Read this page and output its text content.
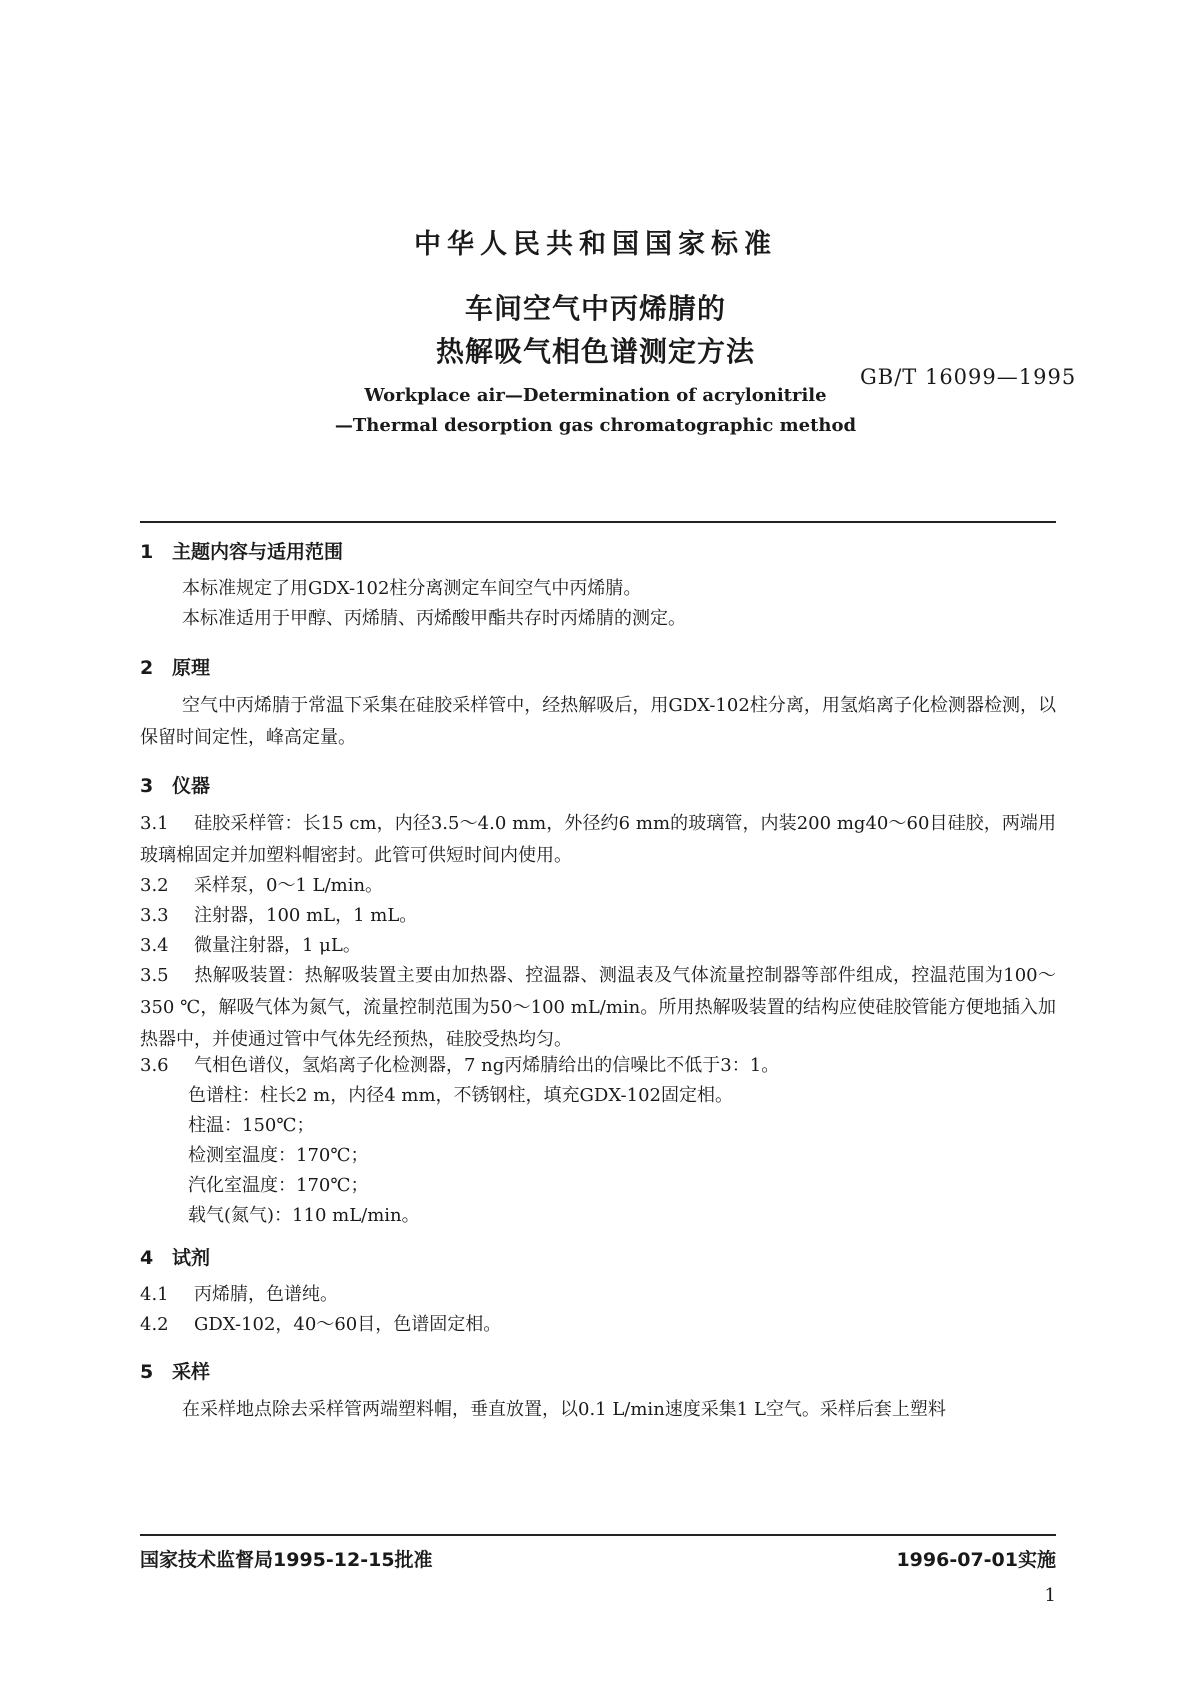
中华人民共和国国家标准
车间空气中丙烯腈的
热解吸气相色谱测定方法
GB/T 16099—1995
Workplace air—Determination of acrylonitrile
—Thermal desorption gas chromatographic method
1 主题内容与适用范围
本标准规定了用GDX-102柱分离测定车间空气中丙烯腈。
本标准适用于甲醇、丙烯腈、丙烯酸甲酯共存时丙烯腈的测定。
2 原理
空气中丙烯腈于常温下采集在硅胶采样管中，经热解吸后，用GDX-102柱分离，用氢焰离子化检测器检测，以保留时间定性，峰高定量。
3 仪器
3.1 硅胶采样管：长15 cm，内径3.5～4.0 mm，外径约6 mm的玻璃管，内装200 mg40～60目硅胶，两端用玻璃棉固定并加塑料帽密封。此管可供短时间内使用。
3.2 采样泵，0～1 L/min。
3.3 注射器，100 mL，1 mL。
3.4 微量注射器，1 μL。
3.5 热解吸装置：热解吸装置主要由加热器、控温器、测温表及气体流量控制器等部件组成，控温范围为100～350 ℃，解吸气体为氮气，流量控制范围为50～100 mL/min。所用热解吸装置的结构应使硅胶管能方便地插入加热器中，并使通过管中气体先经预热，硅胶受热均匀。
3.6 气相色谱仪，氢焰离子化检测器，7 ng丙烯腈给出的信噪比不低于3：1。
色谱柱：柱长2 m，内径4 mm，不锈钢柱，填充GDX-102固定相。
柱温：150℃；
检测室温度：170℃；
汽化室温度：170℃；
载气(氮气)：110 mL/min。
4 试剂
4.1 丙烯腈，色谱纯。
4.2 GDX-102，40～60目，色谱固定相。
5 采样
在采样地点除去采样管两端塑料帽，垂直放置，以0.1 L/min速度采集1 L空气。采样后套上塑料
国家技术监督局1995-12-15批准	1996-07-01实施
1
